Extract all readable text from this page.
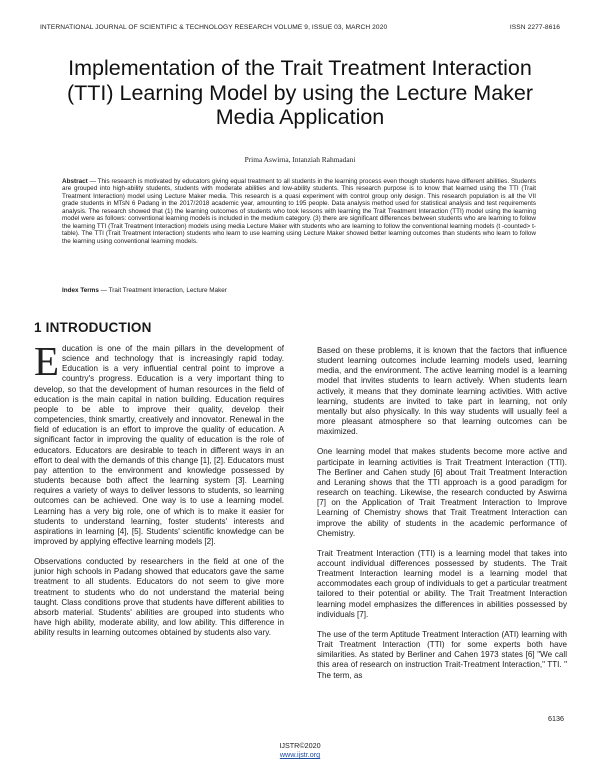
INTERNATIONAL JOURNAL OF SCIENTIFIC & TECHNOLOGY RESEARCH VOLUME 9, ISSUE 03, MARCH 2020	ISSN 2277-8616
Implementation of the Trait Treatment Interaction
(TTI) Learning Model by using the Lecture Maker
Media Application
Prima Aswirna, Intanziah Rahmadani
Abstract — This research is motivated by educators giving equal treatment to all students in the learning process even though students have different abilities. Students are grouped into high-ability students, students with moderate abilities and low-ability students. This research purpose is to know that learned using the TTI (Trait Treatment Interaction) model using Lecture Maker media. This research is a quasi experiment with control group only design. This research population is all the VII grade students in MTsN 6 Padang in the 2017/2018 academic year, amounting to 195 people. Data analysis method used for statistical analysis and test requirements analysis. The research showed that (1) the learning outcomes of students who took lessons with learning the Trait Treatment Interaction (TTI) model using the learning model were as follows: conventional learning models is included in the medium category. (3) there are significant differences between students who are learning to follow the learning TTI (Trait Treatment Interaction) models using media Lecture Maker with students who are learning to follow the conventional learning models (t -counted> t-table). The TTI (Trait Treatment Interaction) students who learn to use learning using Lecture Maker showed better learning outcomes than students who learn to follow the learning using conventional learning models.
Index Terms — Trait Treatment Interaction, Lecture Maker
1 INTRODUCTION

Education is one of the main pillars in the development of science and technology that is increasingly rapid today. Education is a very influential central point to improve a country's progress. Education is a very important thing to develop, so that the development of human resources in the field of education is the main capital in nation building. Education requires people to be able to improve their quality, develop their competencies, think smartly, creatively and innovator. Renewal in the field of education is an effort to improve the quality of education. A significant factor in improving the quality of education is the role of educators. Educators are desirable to teach in different ways in an effort to deal with the demands of this change [1], [2]. Educators must pay attention to the environment and knowledge possessed by students because both affect the learning system [3]. Learning requires a variety of ways to deliver lessons to students, so learning outcomes can be achieved. One way is to use a learning model. Learning has a very big role, one of which is to make it easier for students to understand learning, foster students' interests and aspirations in learning [4], [5]. Students' scientific knowledge can be improved by applying effective learning models [2].

Observations conducted by researchers in the field at one of the junior high schools in Padang showed that educators gave the same treatment to all students. Educators do not seem to give more treatment to students who do not understand the material being taught. Class conditions prove that students have different abilities to absorb material. Students' abilities are grouped into students who have high ability, moderate ability, and low ability. This difference in ability results in learning outcomes obtained by students also vary.

Based on these problems, it is known that the factors that influence student learning outcomes include learning models used, learning media, and the environment. The active learning model is a learning model that invites students to learn actively. When students learn actively, it means that they dominate learning activities. With active learning, students are invited to take part in learning, not only mentally but also physically. In this way students will usually feel a more pleasant atmosphere so that learning outcomes can be maximized.

One learning model that makes students become more active and participate in learning activities is Trait Treatment Interaction (TTI). The Berliner and Cahen study [6] about Trait Treatment Interaction and Leraning shows that the TTI approach is a good paradigm for research on teaching. Likewise, the research conducted by Aswirna [7] on the Application of Trait Treatment Interaction to Improve Learning of Chemistry shows that Trait Treatment Interaction can improve the ability of students in the academic performance of Chemistry.

Trait Treatment Interaction (TTI) is a learning model that takes into account individual differences possessed by students. The Trait Treatment Interaction learning model is a learning model that accommodates each group of individuals to get a particular treatment tailored to their potential or ability. The Trait Treatment Interaction learning model emphasizes the differences in abilities possessed by individuals [7].

The use of the term Aptitude Treatment Interaction (ATI) learning with Trait Treatment Interaction (TTI) for some experts both have similarities. As stated by Berliner and Cahen 1973 states [6] "We call this area of research on instruction Trait-Treatment Interaction," TTI. " The term, as

6136
IJSTR©2020
www.ijstr.org
